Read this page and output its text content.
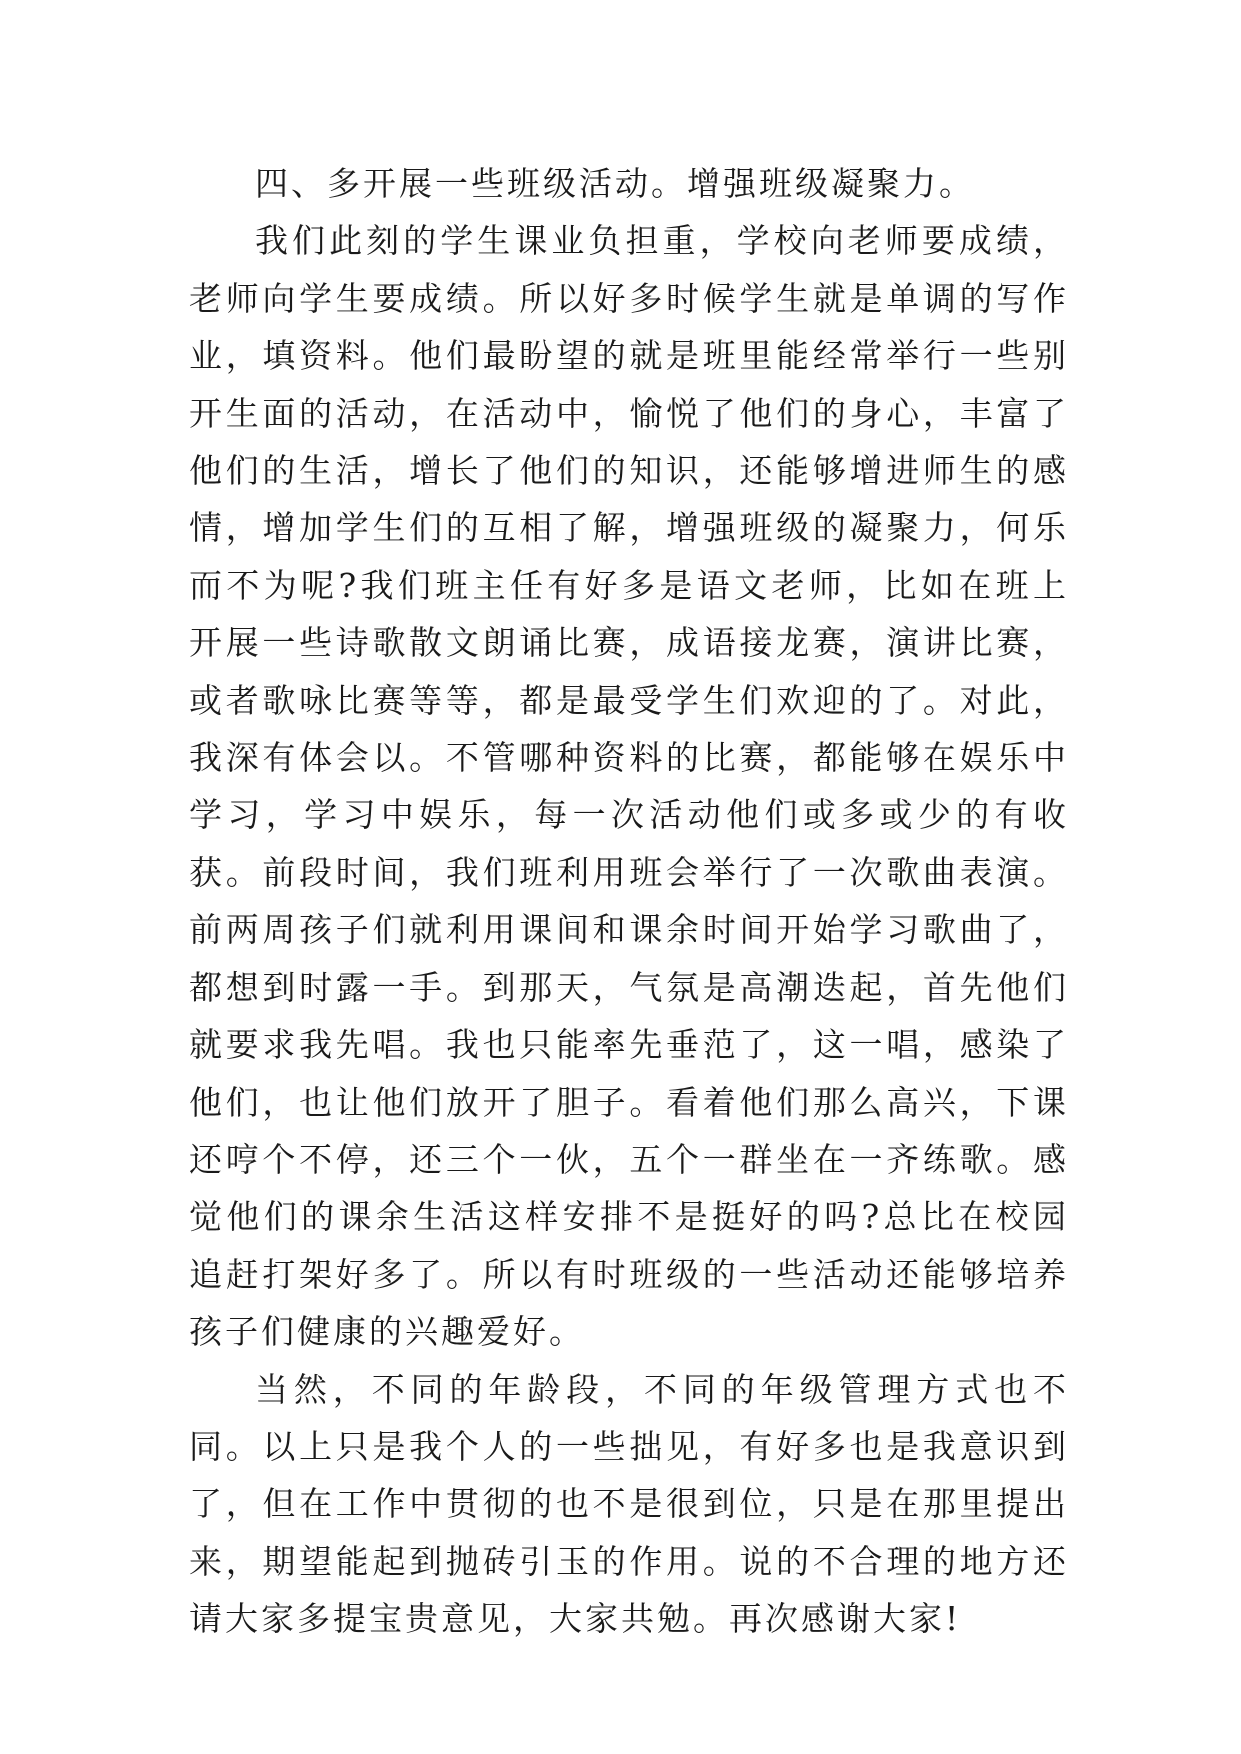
四、多开展一些班级活动。增强班级凝聚力。

我们此刻的学生课业负担重，学校向老师要成绩，老师向学生要成绩。所以好多时候学生就是单调的写作业，填资料。他们最盼望的就是班里能经常举行一些别开生面的活动，在活动中，愉悦了他们的身心，丰富了他们的生活，增长了他们的知识，还能够增进师生的感情，增加学生们的互相了解，增强班级的凝聚力，何乐而不为呢?我们班主任有好多是语文老师，比如在班上开展一些诗歌散文朗诵比赛，成语接龙赛，演讲比赛，或者歌咏比赛等等，都是最受学生们欢迎的了。对此，我深有体会以。不管哪种资料的比赛，都能够在娱乐中学习，学习中娱乐，每一次活动他们或多或少的有收获。前段时间，我们班利用班会举行了一次歌曲表演。前两周孩子们就利用课间和课余时间开始学习歌曲了，都想到时露一手。到那天，气氛是高潮迭起，首先他们就要求我先唱。我也只能率先垂范了，这一唱，感染了他们，也让他们放开了胆子。看着他们那么高兴，下课还哼个不停，还三个一伙，五个一群坐在一齐练歌。感觉他们的课余生活这样安排不是挺好的吗?总比在校园追赶打架好多了。所以有时班级的一些活动还能够培养孩子们健康的兴趣爱好。

当然，不同的年龄段，不同的年级管理方式也不同。以上只是我个人的一些拙见，有好多也是我意识到了，但在工作中贯彻的也不是很到位，只是在那里提出来，期望能起到抛砖引玉的作用。说的不合理的地方还请大家多提宝贵意见，大家共勉。再次感谢大家!
